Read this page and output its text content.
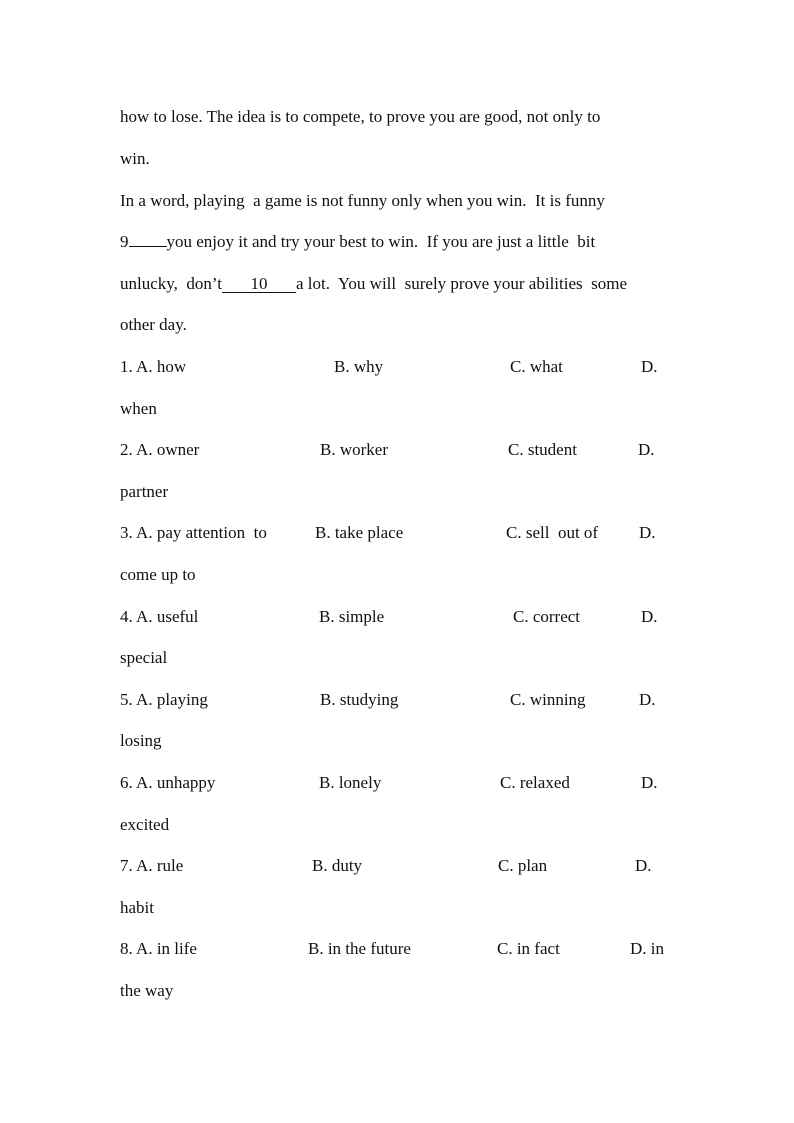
how to lose. The idea is to compete, to prove you are good, not only to
win.
In a word, playing  a game is not funny only when you win.  It is funny
9 you enjoy it and try your best to win.  If you are just a little  bit
unlucky,  don’t 10 a lot.  You will  surely prove your abilities  some
other day.
1. A. how	B. why	C. what	D.
when
2. A. owner	B. worker	C. student	D.
partner
3. A. pay attention  to	B. take place	C. sell  out of D.
come up to
4. A. useful	B. simple	C. correct	D.
special
5. A. playing	B. studying	C. winning	D.
losing
6. A. unhappy	B. lonely	C. relaxed	D.
excited
7. A. rule	B. duty	C. plan	D.
habit
8. A. in life	B. in the future	C. in fact	D. in
the way
